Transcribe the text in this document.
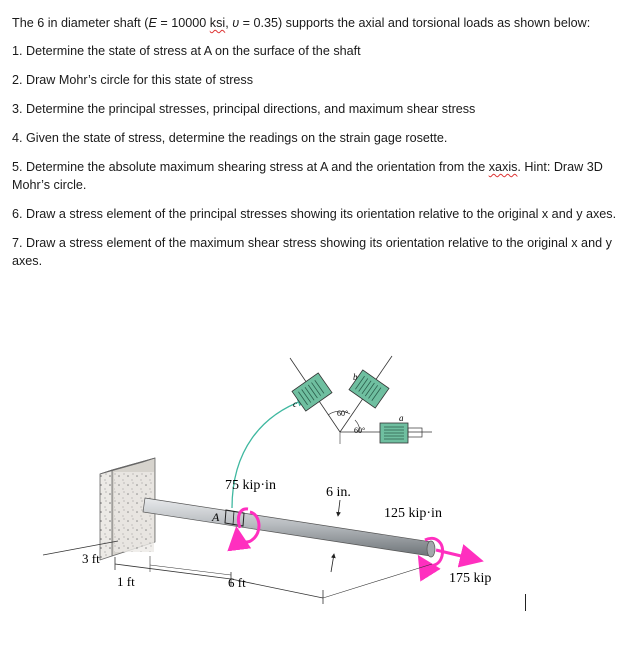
The 6 in diameter shaft (E = 10000 ksi, υ = 0.35) supports the axial and torsional loads as shown below:

1. Determine the state of stress at A on the surface of the shaft

2. Draw Mohr’s circle for this state of stress

3. Determine the principal stresses, principal directions, and maximum shear stress

4. Given the state of stress, determine the readings on the strain gage rosette.

5. Determine the absolute maximum shearing stress at A and the orientation from the xaxis. Hint: Draw 3D Mohr’s circle.

6. Draw a stress element of the principal stresses showing its orientation relative to the original x and y axes.

7. Draw a stress element of the maximum shear stress showing its orientation relative to the original x and y axes.

A
60°
60°
b
c
a
75 kip·in
125 kip·in
6 in.
175 kip
3 ft
1 ft	6 ft
